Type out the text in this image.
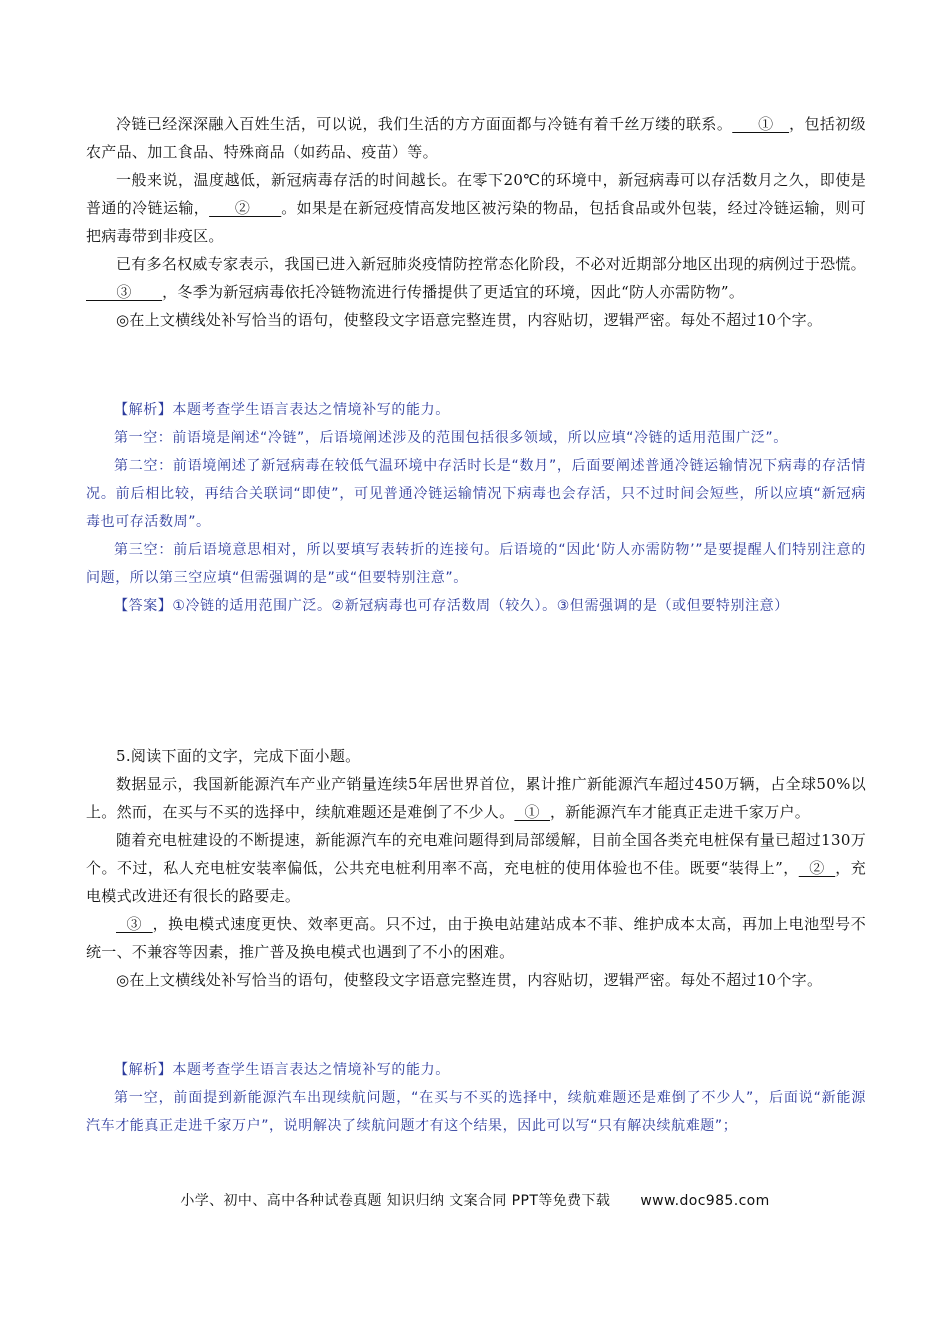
冷链已经深深融入百姓生活，可以说，我们生活的方方面面都与冷链有着千丝万缕的联系。     ①   ，包括初级农产品、加工食品、特殊商品（如药品、疫苗）等。

一般来说，温度越低，新冠病毒存活的时间越长。在零下20℃的环境中，新冠病毒可以存活数月之久，即使是普通的冷链运输，     ②      。如果是在新冠疫情高发地区被污染的物品，包括食品或外包装，经过冷链运输，则可把病毒带到非疫区。

已有多名权威专家表示，我国已进入新冠肺炎疫情防控常态化阶段，不必对近期部分地区出现的病例过于恐慌。      ③      ，冬季为新冠病毒依托冷链物流进行传播提供了更适宜的环境，因此“防人亦需防物”。

◎在上文横线处补写恰当的语句，使整段文字语意完整连贯，内容贴切，逻辑严密。每处不超过10个字。

【解析】本题考查学生语言表达之情境补写的能力。

第一空：前语境是阐述“冷链”，后语境阐述涉及的范围包括很多领域，所以应填“冷链的适用范围广泛”。

第二空：前语境阐述了新冠病毒在较低气温环境中存活时长是“数月”，后面要阐述普通冷链运输情况下病毒的存活情况。前后相比较，再结合关联词“即使”，可见普通冷链运输情况下病毒也会存活，只不过时间会短些，所以应填“新冠病毒也可存活数周”。

第三空：前后语境意思相对，所以要填写表转折的连接句。后语境的“因此‘防人亦需防物’”是要提醒人们特别注意的问题，所以第三空应填“但需强调的是”或“但要特别注意”。

【答案】①冷链的适用范围广泛。②新冠病毒也可存活数周（较久）。③但需强调的是（或但要特别注意）

5.阅读下面的文字，完成下面小题。

数据显示，我国新能源汽车产业产销量连续5年居世界首位，累计推广新能源汽车超过450万辆，占全球50%以上。然而，在买与不买的选择中，续航难题还是难倒了不少人。  ①  ，新能源汽车才能真正走进千家万户。

随着充电桩建设的不断提速，新能源汽车的充电难问题得到局部缓解，目前全国各类充电桩保有量已超过130万个。不过，私人充电桩安装率偏低，公共充电桩利用率不高，充电桩的使用体验也不佳。既要“装得上”，  ②  ，充电模式改进还有很长的路要走。

③  ，换电模式速度更快、效率更高。只不过，由于换电站建站成本不菲、维护成本太高，再加上电池型号不统一、不兼容等因素，推广普及换电模式也遇到了不小的困难。

◎在上文横线处补写恰当的语句，使整段文字语意完整连贯，内容贴切，逻辑严密。每处不超过10个字。

【解析】本题考查学生语言表达之情境补写的能力。

第一空，前面提到新能源汽车出现续航问题，“在买与不买的选择中，续航难题还是难倒了不少人”，后面说“新能源汽车才能真正走进千家万户”，说明解决了续航问题才有这个结果，因此可以写“只有解决续航难题”；

小学、初中、高中各种试卷真题 知识归纳 文案合同 PPT等免费下载 www.doc985.com
